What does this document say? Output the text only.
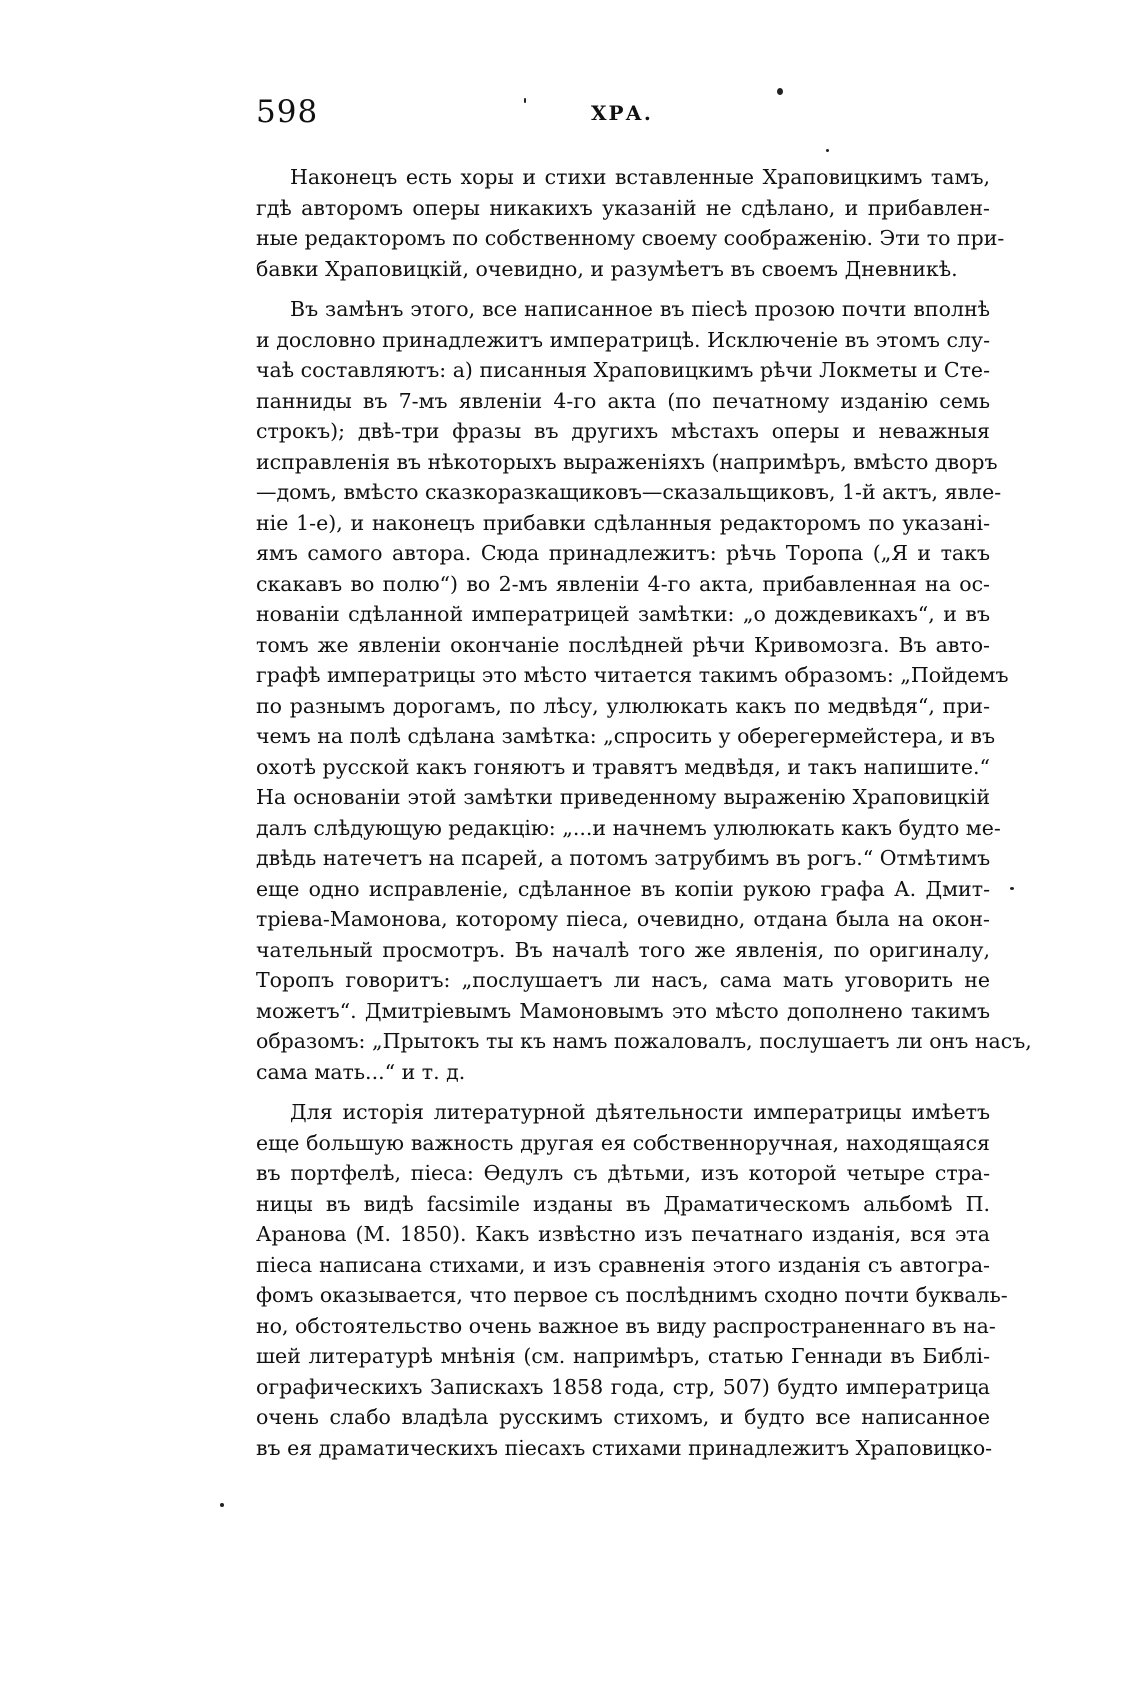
598	ХРА.
Наконецъ есть хоры и стихи вставленные Храповицкимъ тамъ,
гдѣ авторомъ оперы никакихъ указаній не сдѣлано, и прибавлен-
ные редакторомъ по собственному своему соображенію. Эти то при-
бавки Храповицкій, очевидно, и разумѣетъ въ своемъ Дневникѣ.
Въ замѣнъ этого, все написанное въ піесѣ прозою почти вполнѣ
и дословно принадлежитъ императрицѣ. Исключеніе въ этомъ слу-
чаѣ составляютъ: а) писанныя Храповицкимъ рѣчи Локметы и Сте-
панниды въ 7-мъ явленіи 4-го акта (по печатному изданію семь
строкъ); двѣ-три фразы въ другихъ мѣстахъ оперы и неважныя
исправленія въ нѣкоторыхъ выраженіяхъ (напримѣръ, вмѣсто дворъ
—домъ, вмѣсто сказкоразкащиковъ—сказальщиковъ, 1-й актъ, явле-
ніе 1-е), и наконецъ прибавки сдѣланныя редакторомъ по указані-
ямъ самого автора. Сюда принадлежитъ: рѣчь Торопа („Я и такъ
скакавъ во полю“) во 2-мъ явленіи 4-го акта, прибавленная на ос-
нованіи сдѣланной императрицей замѣтки: „о дождевикахъ“, и въ
томъ же явленіи окончаніе послѣдней рѣчи Кривомозга. Въ авто-
графѣ императрицы это мѣсто читается такимъ образомъ: „Пойдемъ
по разнымъ дорогамъ, по лѣсу, улюлюкать какъ по медвѣдя“, при-
чемъ на полѣ сдѣлана замѣтка: „спросить у оберегермейстера, и въ
охотѣ русской какъ гоняютъ и травятъ медвѣдя, и такъ напишите.“
На основаніи этой замѣтки приведенному выраженію Храповицкій
далъ слѣдующую редакцію: „...и начнемъ улюлюкать какъ будто ме-
двѣдь натечетъ на псарей, а потомъ затрубимъ въ рогъ.“ Отмѣтимъ
еще одно исправленіе, сдѣланное въ копіи рукою графа А. Дмит-
тріева-Мамонова, которому піеса, очевидно, отдана была на окон-
чательный просмотръ. Въ началѣ того же явленія, по оригиналу,
Торопъ говоритъ: „послушаетъ ли насъ, сама мать уговорить не
можетъ“. Дмитріевымъ Мамоновымъ это мѣсто дополнено такимъ
образомъ: „Прытокъ ты къ намъ пожаловалъ, послушаетъ ли онъ насъ,
сама мать...“ и т. д.
Для исторія литературной дѣятельности императрицы имѣетъ
еще большую важность другая ея собственноручная, находящаяся
въ портфелѣ, піеса: Ѳедулъ съ дѣтьми, изъ которой четыре стра-
ницы въ видѣ facsimile изданы въ Драматическомъ альбомѣ П.
Аранова (М. 1850). Какъ извѣстно изъ печатнаго изданія, вся эта
піеса написана стихами, и изъ сравненія этого изданія съ автогра-
фомъ оказывается, что первое съ послѣднимъ сходно почти букваль-
но, обстоятельство очень важное въ виду распространеннаго въ на-
шей литературѣ мнѣнія (см. напримѣръ, статью Геннади въ Библі-
ографическихъ Запискахъ 1858 года, стр, 507) будто императрица
очень слабо владѣла русскимъ стихомъ, и будто все написанное
въ ея драматическихъ піесахъ стихами принадлежитъ Храповицко-
